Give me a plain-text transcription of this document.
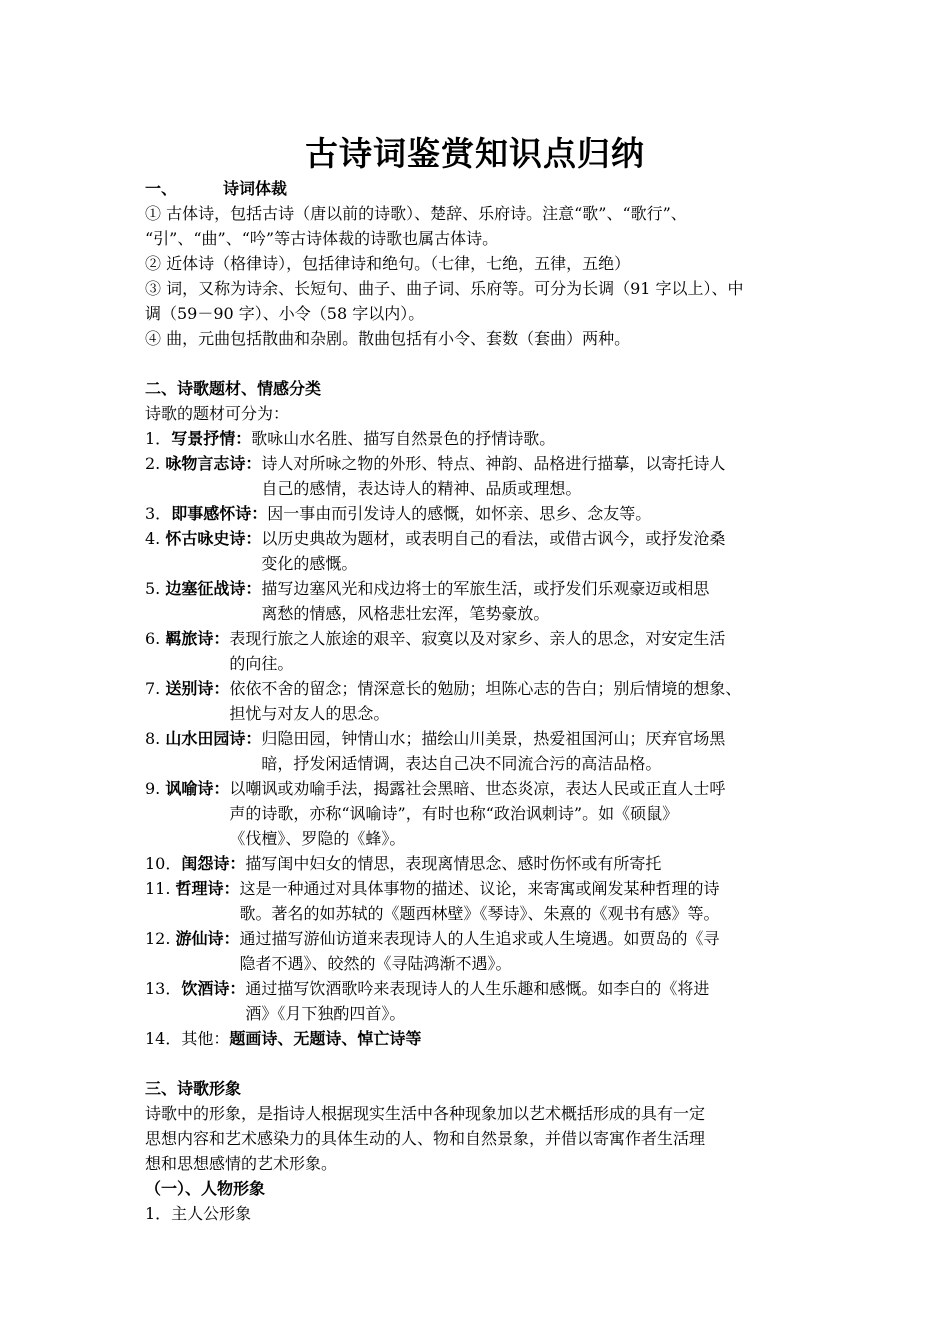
古诗词鉴赏知识点归纳
一、	诗词体裁
① 古体诗，包括古诗（唐以前的诗歌）、楚辞、乐府诗。注意“歌”、“歌行”、
“引”、“曲”、“吟”等古诗体裁的诗歌也属古体诗。
② 近体诗（格律诗），包括律诗和绝句。（七律，七绝，五律，五绝）
③ 词，又称为诗余、长短句、曲子、曲子词、乐府等。可分为长调（91 字以上）、中
调（59－90 字）、小令（58 字以内）。
④ 曲，元曲包括散曲和杂剧。散曲包括有小令、套数（套曲）两种。
二、诗歌题材、情感分类
诗歌的题材可分为：
1．写景抒情： 歌咏山水名胜、描写自然景色的抒情诗歌。
2. 咏物言志诗： 诗人对所咏之物的外形、特点、神韵、品格进行描摹，以寄托诗人
自己的感情，表达诗人的精神、品质或理想。
3．即事感怀诗： 因一事由而引发诗人的感慨，如怀亲、思乡、念友等。
4. 怀古咏史诗： 以历史典故为题材，或表明自己的看法，或借古讽今，或抒发沧桑
变化的感慨。
5. 边塞征战诗： 描写边塞风光和戍边将士的军旅生活，或抒发们乐观豪迈或相思
离愁的情感，风格悲壮宏浑，笔势豪放。
6. 羁旅诗： 表现行旅之人旅途的艰辛、寂寞以及对家乡、亲人的思念，对安定生活
的向往。
7. 送别诗： 依依不舍的留念；情深意长的勉励；坦陈心志的告白；别后情境的想象、
担忧与对友人的思念。
8. 山水田园诗： 归隐田园，钟情山水；描绘山川美景，热爱祖国河山；厌弃官场黑
暗，抒发闲适情调，表达自己决不同流合污的高洁品格。
9. 讽喻诗： 以嘲讽或劝喻手法，揭露社会黑暗、世态炎凉，表达人民或正直人士呼
声的诗歌，亦称“讽喻诗”，有时也称“政治讽刺诗”。如《硕鼠》
《伐檀》、罗隐的《蜂》。
10．闺怨诗： 描写闺中妇女的情思，表现离情思念、感时伤怀或有所寄托
11. 哲理诗： 这是一种通过对具体事物的描述、议论，来寄寓或阐发某种哲理的诗
歌。著名的如苏轼的《题西林壁》《琴诗》、朱熹的《观书有感》等。
12. 游仙诗： 通过描写游仙访道来表现诗人的人生追求或人生境遇。如贾岛的《寻
隐者不遇》、皎然的《寻陆鸿渐不遇》。
13．饮酒诗： 通过描写饮酒歌吟来表现诗人的人生乐趣和感慨。如李白的《将进
酒》《月下独酌四首》。
14．其他：题画诗、无题诗、悼亡诗等
三、诗歌形象
诗歌中的形象，是指诗人根据现实生活中各种现象加以艺术概括形成的具有一定
思想内容和艺术感染力的具体生动的人、物和自然景象，并借以寄寓作者生活理
想和思想感情的艺术形象。
（一）、人物形象
1．主人公形象
